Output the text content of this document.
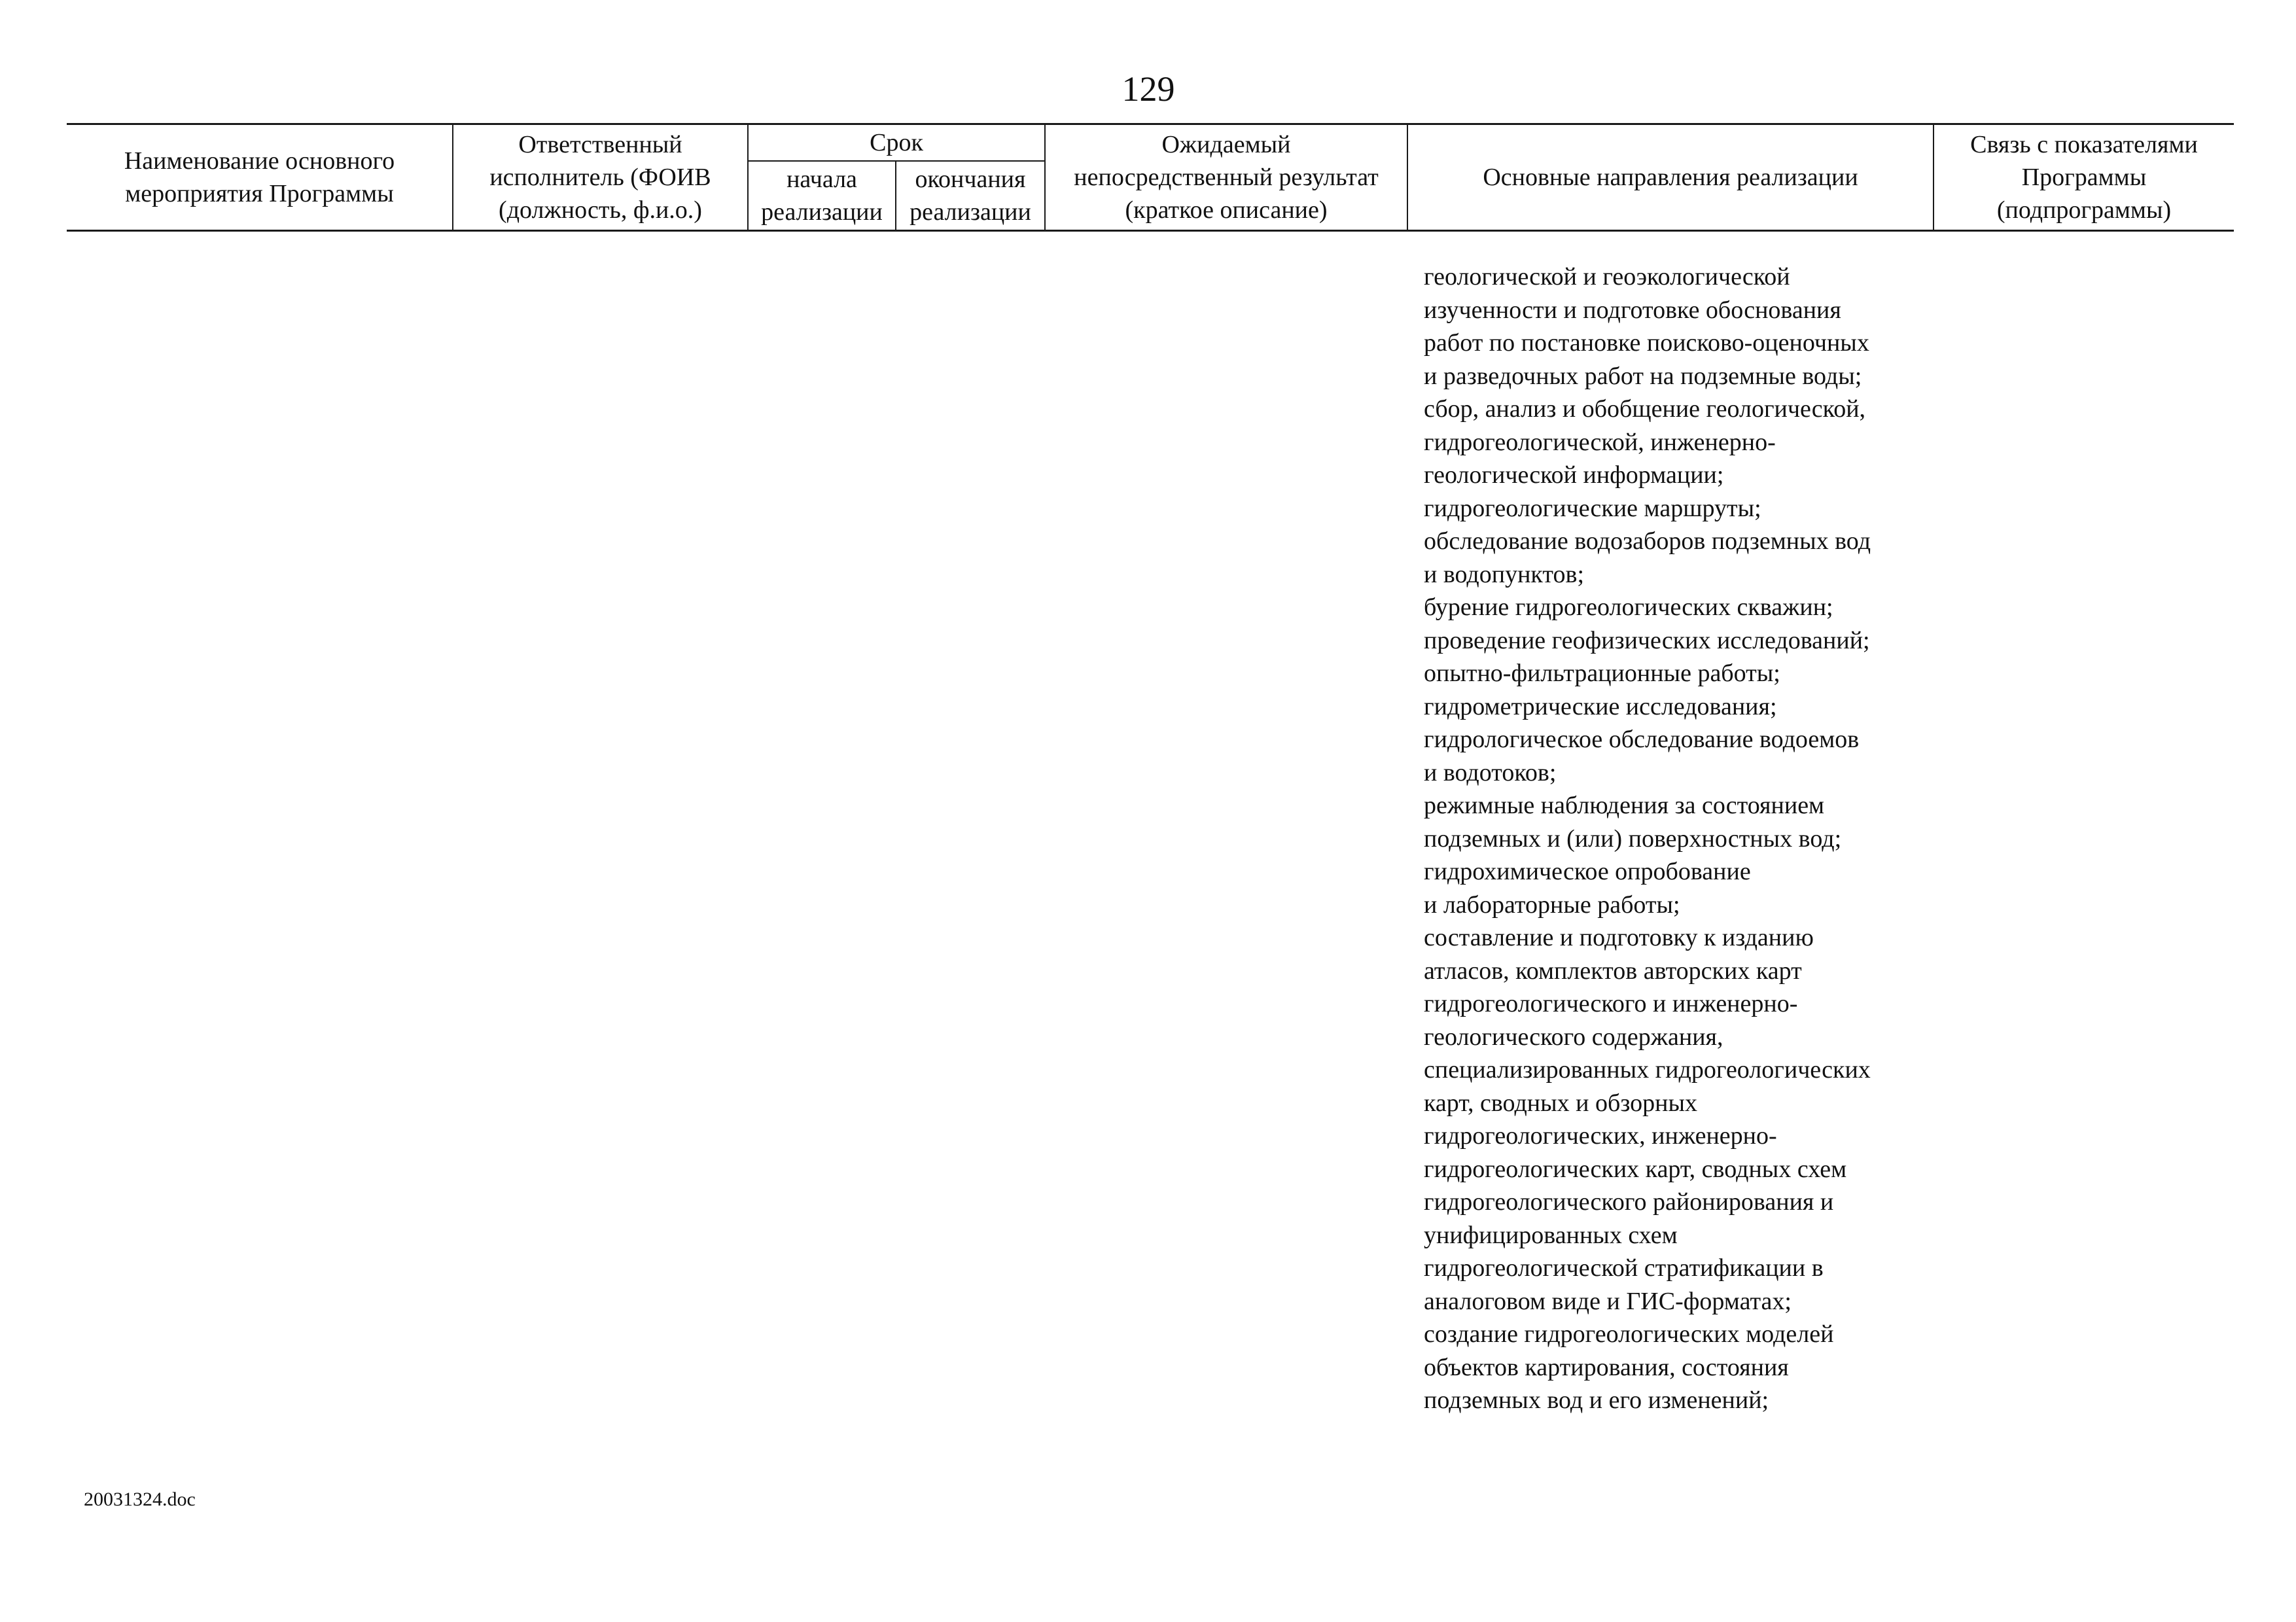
129
Наименование основного
мероприятия Программы
Ответственный
исполнитель (ФОИВ
(должность, ф.и.о.)
Срок
начала
реализации
окончания
реализации
Ожидаемый
непосредственный результат
(краткое описание)
Основные направления реализации
Связь с показателями
Программы
(подпрограммы)
геологической и геоэкологической
изученности и подготовке обоснования
работ по постановке поисково-оценочных
и разведочных работ на подземные воды;
сбор, анализ и обобщение геологической,
гидрогеологической, инженерно-
геологической информации;
гидрогеологические маршруты;
обследование водозаборов подземных вод
и водопунктов;
бурение гидрогеологических скважин;
проведение геофизических исследований;
опытно-фильтрационные работы;
гидрометрические исследования;
гидрологическое обследование водоемов
и водотоков;
режимные наблюдения за состоянием
подземных и (или) поверхностных вод;
гидрохимическое опробование
и лабораторные работы;
составление и подготовку к изданию
атласов, комплектов авторских карт
гидрогеологического и инженерно-
геологического содержания,
специализированных гидрогеологических
карт, сводных и обзорных
гидрогеологических, инженерно-
гидрогеологических карт, сводных схем
гидрогеологического районирования и
унифицированных схем
гидрогеологической стратификации в
аналоговом виде и ГИС-форматах;
создание гидрогеологических моделей
объектов картирования, состояния
подземных вод и его изменений;
20031324.doc
